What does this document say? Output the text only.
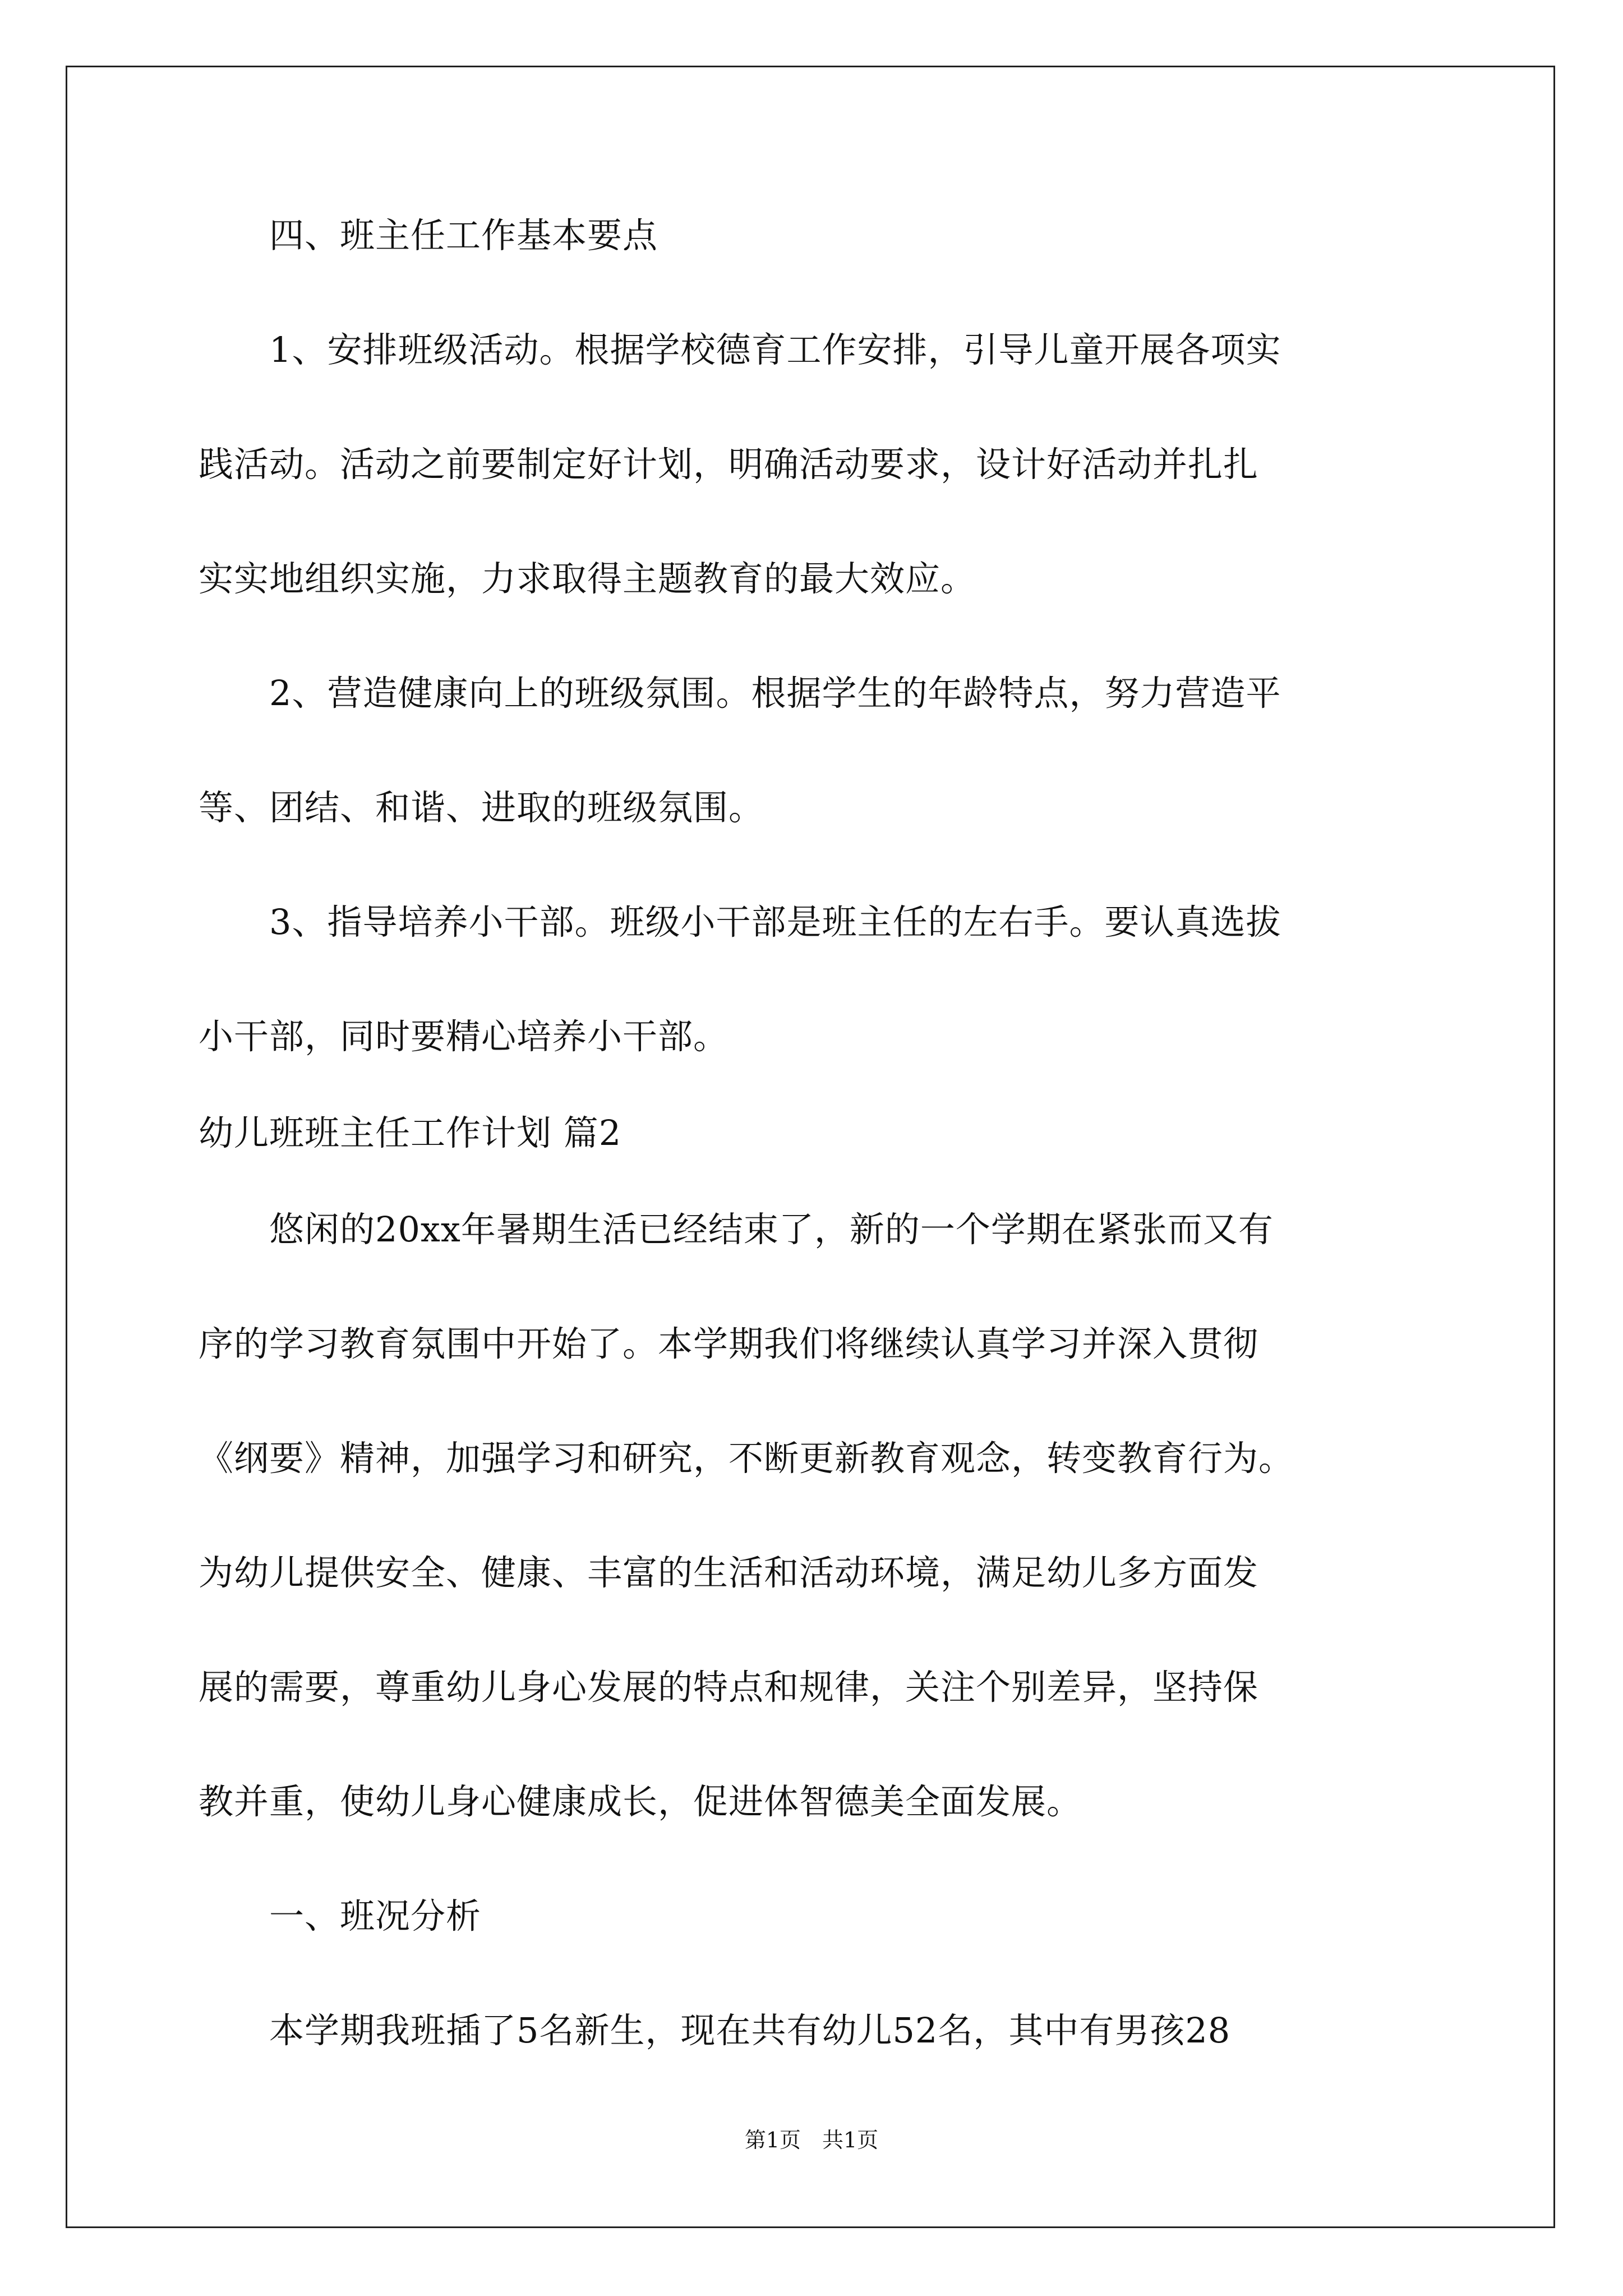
　　四、班主任工作基本要点
　　1、安排班级活动。根据学校德育工作安排，引导儿童开展各项实
践活动。活动之前要制定好计划，明确活动要求，设计好活动并扎扎
实实地组织实施，力求取得主题教育的最大效应。
　　2、营造健康向上的班级氛围。根据学生的年龄特点，努力营造平
等、团结、和谐、进取的班级氛围。
　　3、指导培养小干部。班级小干部是班主任的左右手。要认真选拔
小干部，同时要精心培养小干部。
幼儿班班主任工作计划 篇2
　　悠闲的20xx年暑期生活已经结束了，新的一个学期在紧张而又有
序的学习教育氛围中开始了。本学期我们将继续认真学习并深入贯彻
《纲要》精神，加强学习和研究，不断更新教育观念，转变教育行为。
为幼儿提供安全、健康、丰富的生活和活动环境，满足幼儿多方面发
展的需要，尊重幼儿身心发展的特点和规律，关注个别差异，坚持保
教并重，使幼儿身心健康成长，促进体智德美全面发展。
　　一、班况分析
　　本学期我班插了5名新生，现在共有幼儿52名，其中有男孩28
第1页　共1页
